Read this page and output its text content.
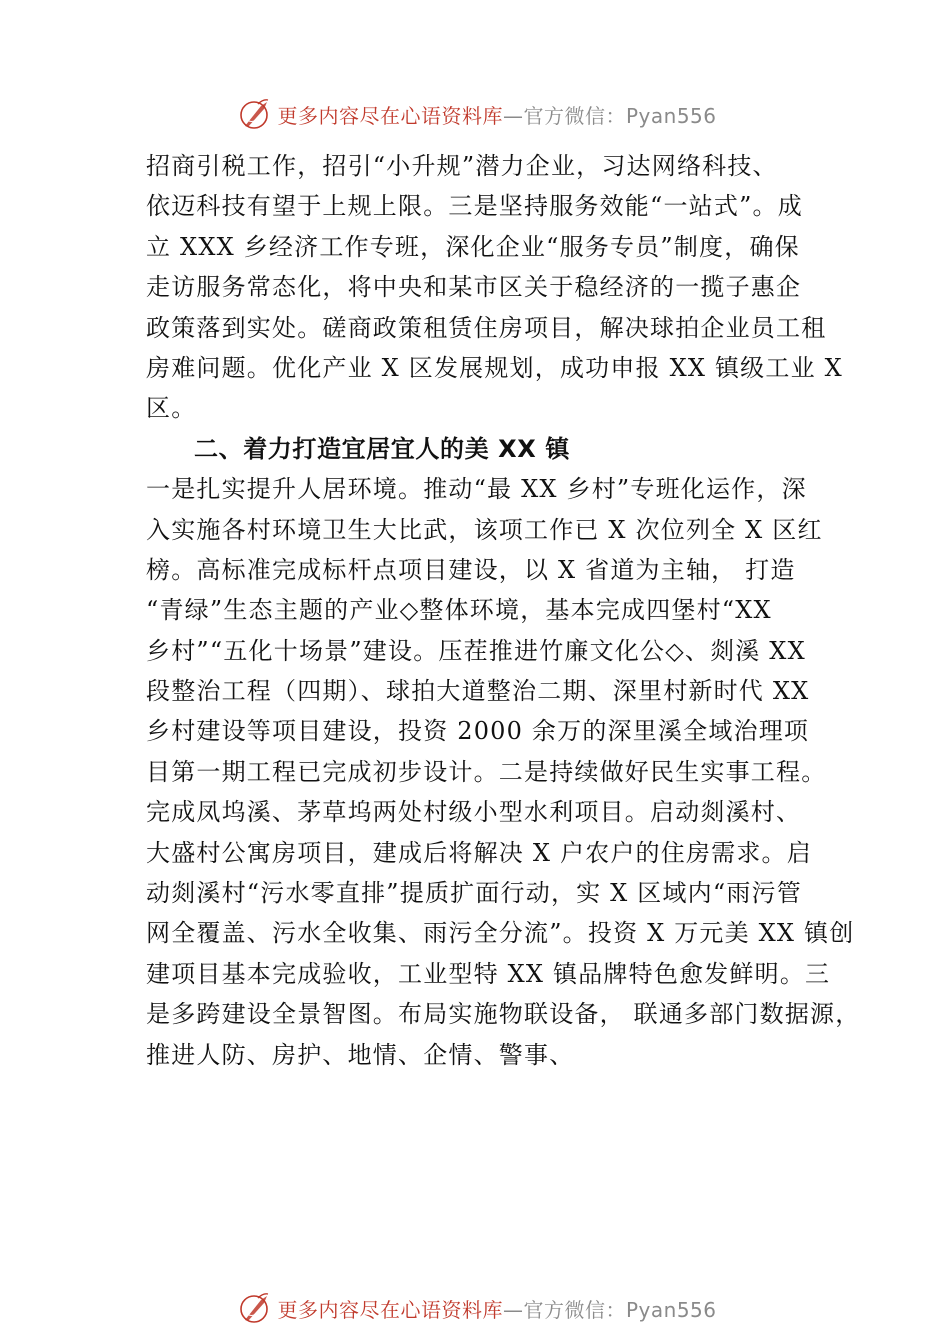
更多内容尽在心语资料库—官方微信：Pyan556
招商引税工作，招引“小升规”潜力企业，习达网络科技、
依迈科技有望于上规上限。三是坚持服务效能“一站式”。成
立 XXX 乡经济工作专班，深化企业“服务专员”制度，确保
走访服务常态化，将中央和某市区关于稳经济的一揽子惠企
政策落到实处。磋商政策租赁住房项目，解决球拍企业员工租
房难问题。优化产业 X 区发展规划，成功申报 XX 镇级工业 X
区。
二、着力打造宜居宜人的美 XX 镇
一是扎实提升人居环境。推动“最 XX 乡村”专班化运作，深
入实施各村环境卫生大比武，该项工作已 X 次位列全 X 区红
榜。高标准完成标杆点项目建设，以 X 省道为主轴， 打造
“青绿”生态主题的产业◇整体环境，基本完成四堡村“XX
乡村”“五化十场景”建设。压茬推进竹廉文化公◇、剡溪 XX
段整治工程（四期）、球拍大道整治二期、深里村新时代 XX
乡村建设等项目建设，投资 2000 余万的深里溪全域治理项
目第一期工程已完成初步设计。二是持续做好民生实事工程。
完成凤坞溪、茅草坞两处村级小型水利项目。启动剡溪村、
大盛村公寓房项目，建成后将解决 X 户农户的住房需求。启
动剡溪村“污水零直排”提质扩面行动，实 X 区域内“雨污管
网全覆盖、污水全收集、雨污全分流”。投资 X 万元美 XX 镇创
建项目基本完成验收，工业型特 XX 镇品牌特色愈发鲜明。三
是多跨建设全景智图。布局实施物联设备， 联通多部门数据源，
推进人防、房护、地情、企情、警事、
更多内容尽在心语资料库—官方微信：Pyan556
